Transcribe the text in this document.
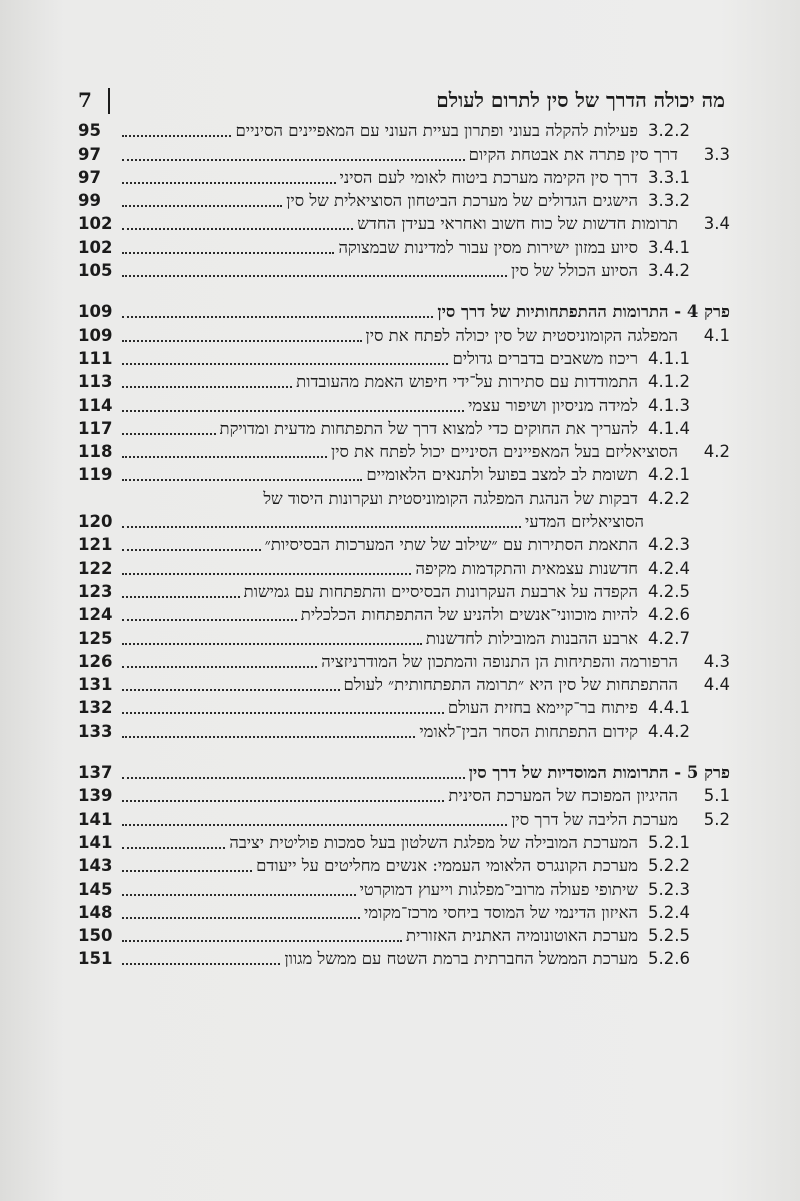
מה יכולה הדרך של סין לתרום לעולם
7
3.2.2
פעילות להקלה בעוני ופתרון בעיית העוני עם המאפיינים הסיניים
95
3.3
דרך סין פתרה את אבטחת הקיום
97
3.3.1
דרך סין הקימה מערכת ביטוח לאומי לעם הסיני
97
3.3.2
הישגים הגדולים של מערכת הביטחון הסוציאלית של סין
99
3.4
תרומות חדשות של כוח חשוב ואחראי בעידן החדש
102
3.4.1
סיוע במזון ישירות מסין עבור למדינות שבמצוקה
102
3.4.2
הסיוע הכולל של סין
105
פרק 4 - התרומות ההתפתחותיות של דרך סין
109
4.1
המפלגה הקומוניסטית של סין יכולה לפתח את סין
109
4.1.1
ריכוז משאבים בדברים גדולים
111
4.1.2
התמודדות עם סתירות על־ידי חיפוש האמת מהעובדות
113
4.1.3
למידה מניסיון ושיפור עצמי
114
4.1.4
להעריך את החוקים כדי למצוא דרך של התפתחות מדעית ומדויקת
117
4.2
הסוציאליזם בעל המאפיינים הסיניים יכול לפתח את סין
118
4.2.1
תשומת לב למצב בפועל ולתנאים הלאומיים
119
4.2.2
דבקות של הנהגת המפלגה הקומוניסטית ועקרונות היסוד של
הסוציאליזם המדעי
120
4.2.3
התאמת הסתירות עם ״שילוב של שתי המערכות הבסיסיות״
121
4.2.4
חדשנות עצמאית והתקדמות מקיפה
122
4.2.5
הקפדה על ארבעת העקרונות הבסיסיים והתפתחות עם גמישות
123
4.2.6
להיות מוכווני־אנשים ולהניע של ההתפתחות הכלכלית
124
4.2.7
ארבע ההבנות המובילות לחדשנות
125
4.3
הרפורמה והפתיחות הן התנופה והמתכון של המודרניזציה
126
4.4
ההתפתחות של סין היא ״תרומה התפתחותית״ לעולם
131
4.4.1
פיתוח בר־קיימא בחזית העולם
132
4.4.2
קידום התפתחות הסחר הבין־לאומי
133
פרק 5 - התרומות המוסדיות של דרך סין
137
5.1
ההיגיון המפוכח של המערכת הסינית
139
5.2
מערכת הליבה של דרך סין
141
5.2.1
המערכת המובילה של מפלגת השלטון בעל סמכות פוליטית יציבה
141
5.2.2
מערכת הקונגרס הלאומי העממי: אנשים מחליטים על ייעודם
143
5.2.3
שיתופי פעולה מרובי־מפלגות וייעוץ דמוקרטי
145
5.2.4
האיזון הדינמי של המוסד ביחסי מרכז־מקומי
148
5.2.5
מערכת האוטונומיה האתנית האזורית
150
5.2.6
מערכת הממשל החברתית ברמת השטח עם ממשל מגוון
151
